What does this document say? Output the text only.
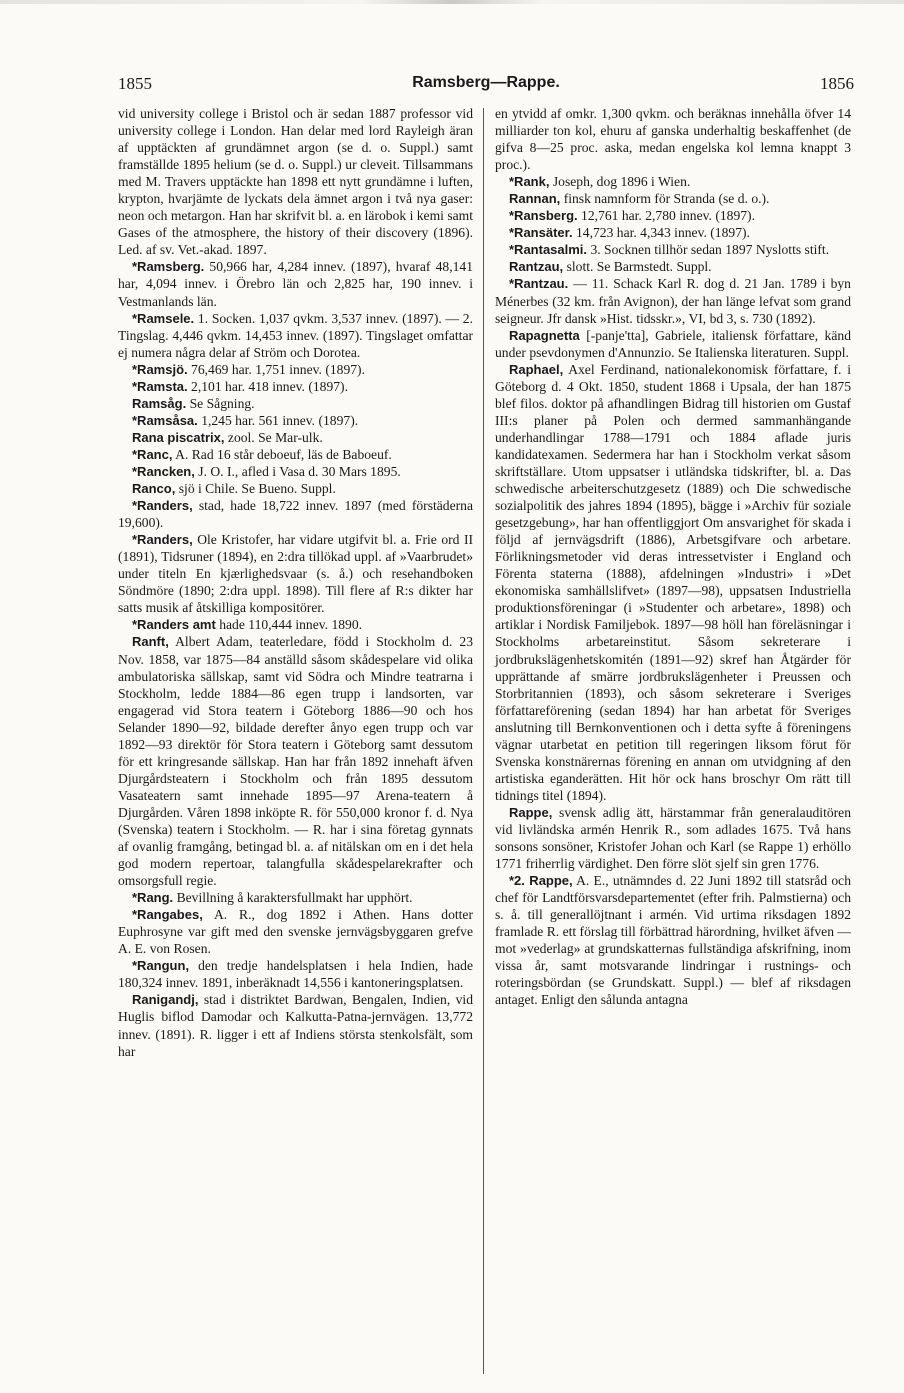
1855	Ramsberg—Rappe.	1856

vid university college i Bristol och är sedan 1887 professor vid university college i London. Han delar med lord Rayleigh äran af upptäckten af grundämnet argon (se d. o. Suppl.) samt framställde 1895 helium (se d. o. Suppl.) ur cleveit. Tillsammans med M. Travers upptäckte han 1898 ett nytt grundämne i luften, krypton, hvarjämte de lyckats dela ämnet argon i två nya gaser: neon och metargon. Han har skrifvit bl. a. en lärobok i kemi samt Gases of the atmosphere, the history of their discovery (1896). Led. af sv. Vet.-akad. 1897.

*Ramsberg. 50,966 har, 4,284 innev. (1897), hvaraf 48,141 har, 4,094 innev. i Örebro län och 2,825 har, 190 innev. i Vestmanlands län.

*Ramsele. 1. Socken. 1,037 qvkm. 3,537 innev. (1897). — 2. Tingslag. 4,446 qvkm. 14,453 innev. (1897). Tingslaget omfattar ej numera några delar af Ström och Dorotea.

*Ramsjö. 76,469 har. 1,751 innev. (1897).

*Ramsta. 2,101 har. 418 innev. (1897).

Ramsåg. Se Sågning.

*Ramsåsa. 1,245 har. 561 innev. (1897).

Rana piscatrix, zool. Se Mar-ulk.

*Ranc, A. Rad 16 står deboeuf, läs de Baboeuf.

*Rancken, J. O. I., afled i Vasa d. 30 Mars 1895.

Ranco, sjö i Chile. Se Bueno. Suppl.

*Randers, stad, hade 18,722 innev. 1897 (med förstäderna 19,600).

*Randers, Ole Kristofer, har vidare utgifvit bl. a. Frie ord II (1891), Tidsruner (1894), en 2:dra tillökad uppl. af »Vaarbrudet» under titeln En kjærlighedsvaar (s. å.) och resehandboken Söndmöre (1890; 2:dra uppl. 1898). Till flere af R:s dikter har satts musik af åtskilliga kompositörer.

*Randers amt hade 110,444 innev. 1890.

Ranft, Albert Adam, teaterledare, född i Stockholm d. 23 Nov. 1858, var 1875—84 anställd såsom skådespelare vid olika ambulatoriska sällskap, samt vid Södra och Mindre teatrarna i Stockholm, ledde 1884—86 egen trupp i landsorten, var engagerad vid Stora teatern i Göteborg 1886—90 och hos Selander 1890—92, bildade derefter ånyo egen trupp och var 1892—93 direktör för Stora teatern i Göteborg samt dessutom för ett kringresande sällskap. Han har från 1892 innehaft äfven Djurgårdsteatern i Stockholm och från 1895 dessutom Vasateatern samt innehade 1895—97 Arena-teatern å Djurgården. Våren 1898 inköpte R. för 550,000 kronor f. d. Nya (Svenska) teatern i Stockholm. — R. har i sina företag gynnats af ovanlig framgång, betingad bl. a. af nitälskan om en i det hela god modern repertoar, talangfulla skådespelarekrafter och omsorgsfull regie.

*Rang. Bevillning å karaktersfullmakt har upphört.

*Rangabes, A. R., dog 1892 i Athen. Hans dotter Euphrosyne var gift med den svenske jernvägsbyggaren grefve A. E. von Rosen.

*Rangun, den tredje handelsplatsen i hela Indien, hade 180,324 innev. 1891, inberäknadt 14,556 i kantoneringsplatsen.

Ranigandj, stad i distriktet Bardwan, Bengalen, Indien, vid Huglis biflod Damodar och Kalkutta-Patna-jernvägen. 13,772 innev. (1891). R. ligger i ett af Indiens största stenkolsfält, som har

en ytvidd af omkr. 1,300 qvkm. och beräknas innehålla öfver 14 milliarder ton kol, ehuru af ganska underhaltig beskaffenhet (de gifva 8—25 proc. aska, medan engelska kol lemna knappt 3 proc.).

*Rank, Joseph, dog 1896 i Wien.

Rannan, finsk namnform för Stranda (se d. o.).

*Ransberg. 12,761 har. 2,780 innev. (1897).

*Ransäter. 14,723 har. 4,343 innev. (1897).

*Rantasalmi. 3. Socknen tillhör sedan 1897 Nyslotts stift.

Rantzau, slott. Se Barmstedt. Suppl.

*Rantzau. — 11. Schack Karl R. dog d. 21 Jan. 1789 i byn Ménerbes (32 km. från Avignon), der han länge lefvat som grand seigneur. Jfr dansk »Hist. tidsskr.», VI, bd 3, s. 730 (1892).

Rapagnetta [-panje'tta], Gabriele, italiensk författare, känd under psevdonymen d'Annunzio. Se Italienska literaturen. Suppl.

Raphael, Axel Ferdinand, nationalekonomisk författare, f. i Göteborg d. 4 Okt. 1850, student 1868 i Upsala, der han 1875 blef filos. doktor på afhandlingen Bidrag till historien om Gustaf III:s planer på Polen och dermed sammanhängande underhandlingar 1788—1791 och 1884 aflade juris kandidatexamen. Sedermera har han i Stockholm verkat såsom skriftställare. Utom uppsatser i utländska tidskrifter, bl. a. Das schwedische arbeiterschutzgesetz (1889) och Die schwedische sozialpolitik des jahres 1894 (1895), bägge i »Archiv für soziale gesetzgebung», har han offentliggjort Om ansvarighet för skada i följd af jernvägsdrift (1886), Arbetsgifvare och arbetare. Förlikningsmetoder vid deras intressetvister i England och Förenta staterna (1888), afdelningen »Industri» i »Det ekonomiska samhällslifvet» (1897—98), uppsatsen Industriella produktionsföreningar (i »Studenter och arbetare», 1898) och artiklar i Nordisk Familjebok. 1897—98 höll han föreläsningar i Stockholms arbetareinstitut. Såsom sekreterare i jordbrukslägenhetskomitén (1891—92) skref han Åtgärder för upprättande af smärre jordbrukslägenheter i Preussen och Storbritannien (1893), och såsom sekreterare i Sveriges författareförening (sedan 1894) har han arbetat för Sveriges anslutning till Bernkonventionen och i detta syfte å föreningens vägnar utarbetat en petition till regeringen liksom förut för Svenska konstnärernas förening en annan om utvidgning af den artistiska eganderätten. Hit hör ock hans broschyr Om rätt till tidnings titel (1894).

Rappe, svensk adlig ätt, härstammar från generalauditören vid livländska armén Henrik R., som adlades 1675. Två hans sonsons sonsöner, Kristofer Johan och Karl (se Rappe 1) erhöllo 1771 friherrlig värdighet. Den förre slöt sjelf sin gren 1776.

*2. Rappe, A. E., utnämndes d. 22 Juni 1892 till statsråd och chef för Landtförsvarsdepartementet (efter frih. Palmstierna) och s. å. till generallöjtnant i armén. Vid urtima riksdagen 1892 framlade R. ett förslag till förbättrad härordning, hvilket äfven — mot »vederlag» at grundskatternas fullständiga afskrifning, inom vissa år, samt motsvarande lindringar i rustnings- och roteringsbördan (se Grundskatt. Suppl.) — blef af riksdagen antaget. Enligt den sålunda antagna
